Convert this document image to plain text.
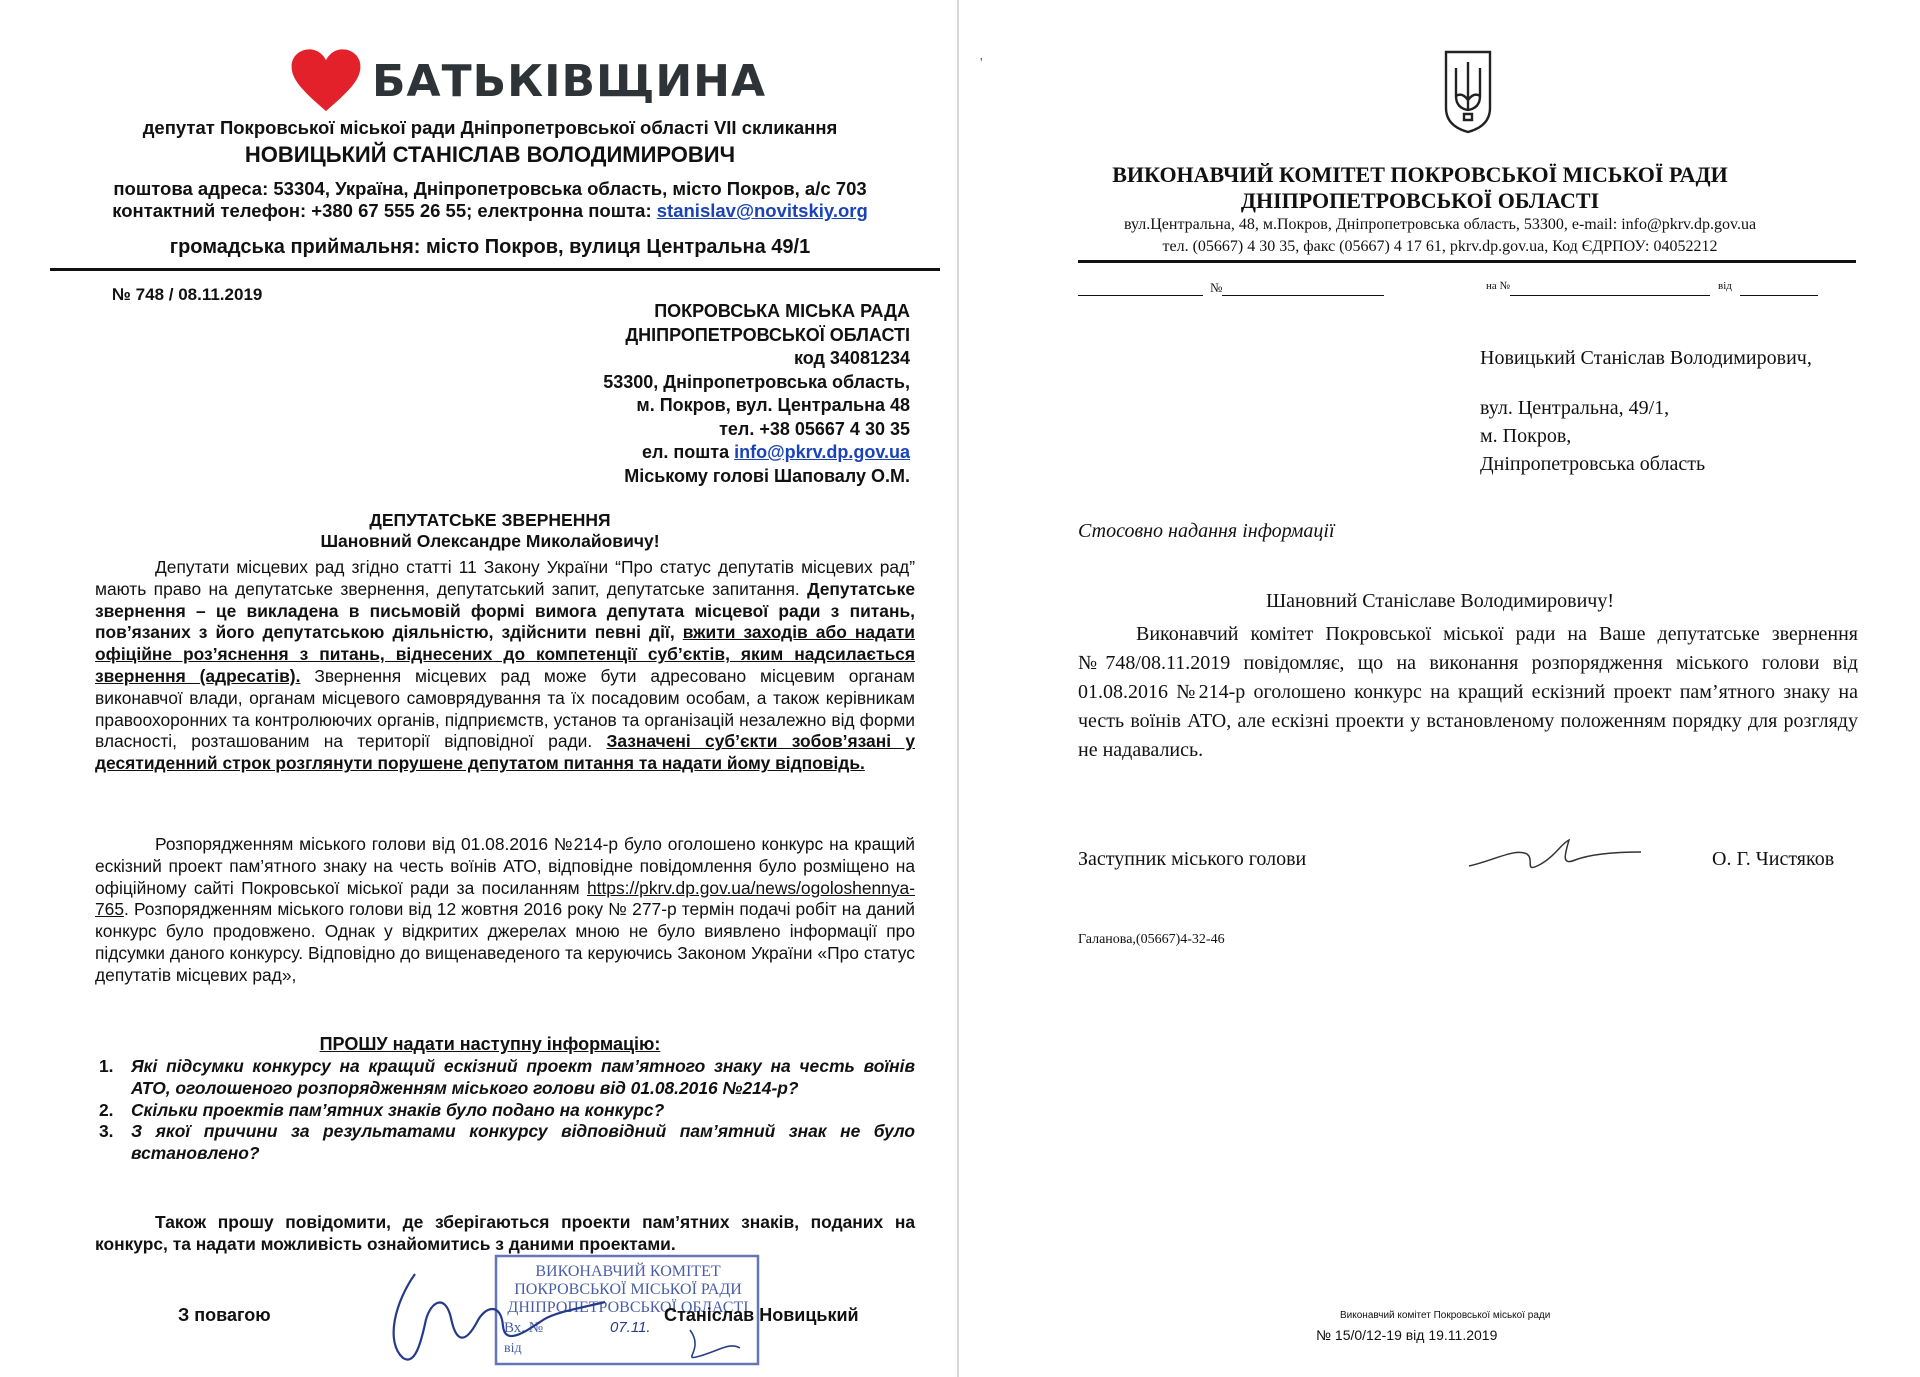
БАТЬКІВЩИНА

депутат Покровської міської ради Дніпропетровської області VІІ скликання

НОВИЦЬКИЙ СТАНІСЛАВ ВОЛОДИМИРОВИЧ

поштова адреса: 53304, Україна, Дніпропетровська область, місто Покров, а/с 703

контактний телефон: +380 67 555 26 55; електронна пошта: stanislav@novitskiy.org

громадська приймальня: місто Покров, вулиця Центральна 49/1

№ 748 / 08.11.2019
ПОКРОВСЬКА МІСЬКА РАДА
ДНІПРОПЕТРОВСЬКОЇ ОБЛАСТІ
код 34081234
53300, Дніпропетровська область,
м. Покров, вул. Центральна 48
тел. +38 05667 4 30 35
ел. пошта info@pkrv.dp.gov.ua
Міському голові Шаповалу О.М.
ДЕПУТАТСЬКЕ ЗВЕРНЕННЯ
Шановний Олександре Миколайовичу!

Депутати місцевих рад згідно статті 11 Закону України “Про статус депутатів місцевих рад” мають право на депутатське звернення, депутатський запит, депутатське запитання. Депутатське звернення – це викладена в письмовій формі вимога депутата місцевої ради з питань, пов’язаних з його депутатською діяльністю, здійснити певні дії, вжити заходів або надати офіційне роз’яснення з питань, віднесених до компетенції суб’єктів, яким надсилається звернення (адресатів). Звернення місцевих рад може бути адресовано місцевим органам виконавчої влади, органам місцевого самоврядування та їх посадовим особам, а також керівникам правоохоронних та контролюючих органів, підприємств, установ та організацій незалежно від форми власності, розташованим на території відповідної ради. Зазначені суб’єкти зобов’язані у десятиденний строк розглянути порушене депутатом питання та надати йому відповідь.

Розпорядженням міського голови від 01.08.2016 №214-р було оголошено конкурс на кращий ескізний проект пам’ятного знаку на честь воїнів АТО, відповідне повідомлення було розміщено на офіційному сайті Покровської міської ради за посиланням https://pkrv.dp.gov.ua/news/ogoloshennya-765. Розпорядженням міського голови від 12 жовтня 2016 року № 277-р термін подачі робіт на даний конкурс було продовжено. Однак у відкритих джерелах мною не було виявлено інформації про підсумки даного конкурсу. Відповідно до вищенаведеного та керуючись Законом України «Про статус депутатів місцевих рад»,

ПРОШУ надати наступну інформацію:
1. Які підсумки конкурсу на кращий ескізний проект пам’ятного знаку на честь воїнів АТО, оголошеного розпорядженням міського голови від 01.08.2016 №214-р?
2. Скільки проектів пам’ятних знаків було подано на конкурс?
3. З якої причини за результатами конкурсу відповідний пам’ятний знак не було встановлено?
Також прошу повідомити, де зберігаються проекти пам’ятних знаків, поданих на конкурс, та надати можливість ознайомитись з даними проектами.
З повагою
ВИКОНАВЧИЙ КОМІТЕТ
ПОКРОВСЬКОЇ МІСЬКОЇ РАДИ
ДНІПРОПЕТРОВСЬКОЇ ОБЛАСТІ
Вх. №	07.11.
від
Станіслав Новицький
'

ВИКОНАВЧИЙ КОМІТЕТ ПОКРОВСЬКОЇ МІСЬКОЇ РАДИ

ДНІПРОПЕТРОВСЬКОЇ ОБЛАСТІ

вул.Центральна, 48, м.Покров, Дніпропетровська область, 53300, e-mail: info@pkrv.dp.gov.ua

тел. (05667) 4 30 35, факс (05667) 4 17 61, pkrv.dp.gov.ua, Код ЄДРПОУ: 04052212

№	на №	від
Новицький Станіслав Володимирович,
вул. Центральна, 49/1,
м. Покров,
Дніпропетровська область
Стосовно надання інформації
Шановний Станіславе Володимировичу!

Виконавчий комітет Покровської міської ради на Ваше депутатське звернення №748/08.11.2019 повідомляє, що на виконання розпорядження міського голови від 01.08.2016 №214-р оголошено конкурс на кращий ескізний проект пам’ятного знаку на честь воїнів АТО, але ескізні проекти у встановленому положенням порядку для розгляду не надавались.

Заступник міського голови	О. Г. Чистяков
Галанова,(05667)4-32-46
Виконавчий комітет Покровської міської ради
№ 15/0/12-19 від 19.11.2019
